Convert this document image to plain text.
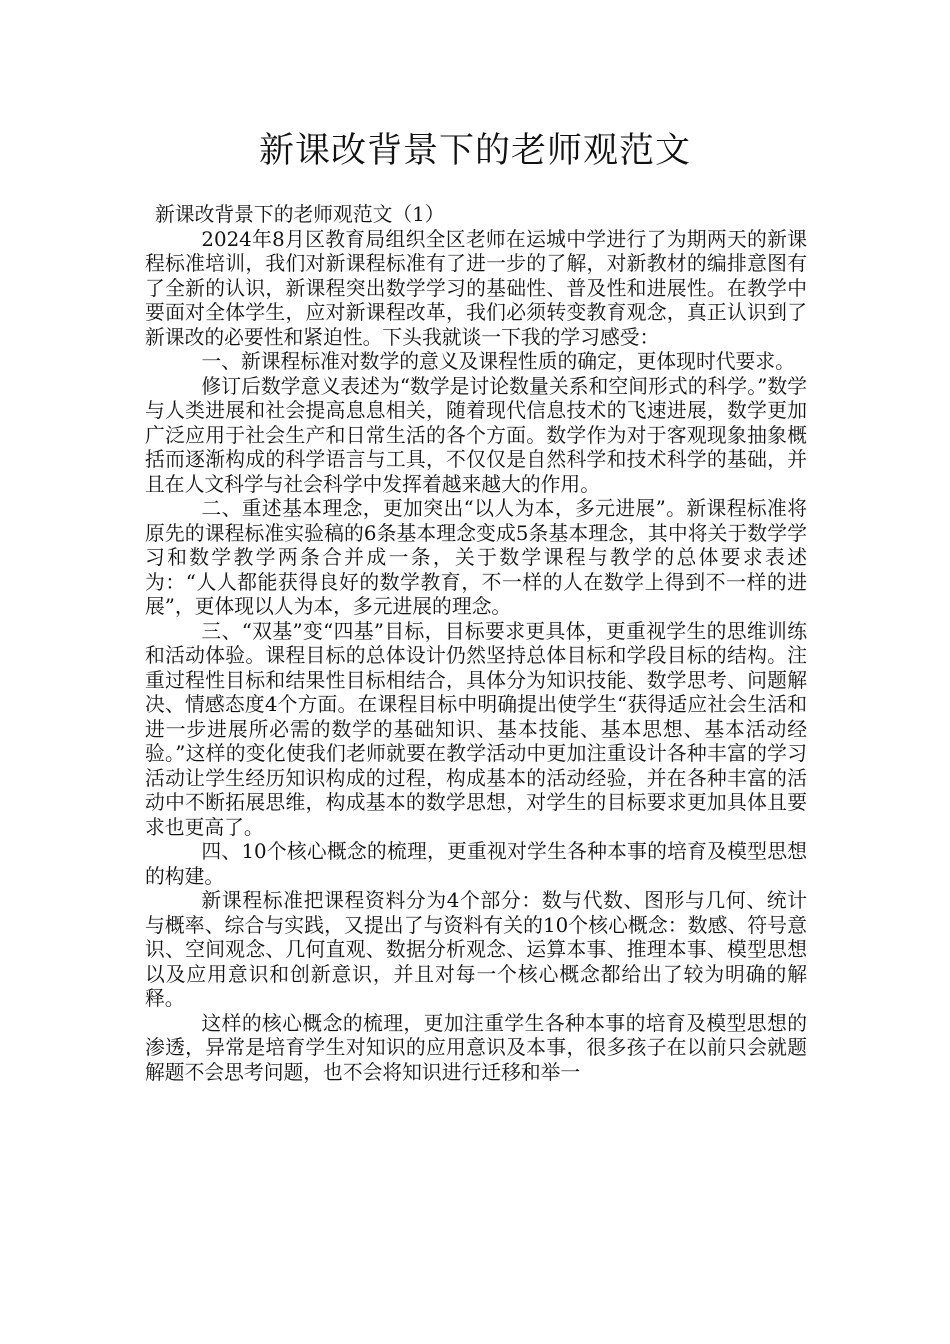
新课改背景下的老师观范文

新课改背景下的老师观范文（1）

2024年8月区教育局组织全区老师在运城中学进行了为期两天的新课程标准培训，我们对新课程标准有了进一步的了解，对新教材的编排意图有了全新的认识，新课程突出数学学习的基础性、普及性和进展性。在教学中要面对全体学生，应对新课程改革，我们必须转变教育观念，真正认识到了新课改的必要性和紧迫性。下头我就谈一下我的学习感受：

一、新课程标准对数学的意义及课程性质的确定，更体现时代要求。

修订后数学意义表述为“数学是讨论数量关系和空间形式的科学。”数学与人类进展和社会提高息息相关，随着现代信息技术的飞速进展，数学更加广泛应用于社会生产和日常生活的各个方面。数学作为对于客观现象抽象概括而逐渐构成的科学语言与工具，不仅仅是自然科学和技术科学的基础，并且在人文科学与社会科学中发挥着越来越大的作用。

二、重述基本理念，更加突出“以人为本，多元进展”。新课程标准将原先的课程标准实验稿的6条基本理念变成5条基本理念，其中将关于数学学习和数学教学两条合并成一条，关于数学课程与教学的总体要求表述为：“人人都能获得良好的数学教育，不一样的人在数学上得到不一样的进展”，更体现以人为本，多元进展的理念。

三、“双基”变“四基”目标，目标要求更具体，更重视学生的思维训练和活动体验。课程目标的总体设计仍然坚持总体目标和学段目标的结构。注重过程性目标和结果性目标相结合，具体分为知识技能、数学思考、问题解决、情感态度4个方面。在课程目标中明确提出使学生“获得适应社会生活和进一步进展所必需的数学的基础知识、基本技能、基本思想、基本活动经验。”这样的变化使我们老师就要在教学活动中更加注重设计各种丰富的学习活动让学生经历知识构成的过程，构成基本的活动经验，并在各种丰富的活动中不断拓展思维，构成基本的数学思想，对学生的目标要求更加具体且要求也更高了。

四、10个核心概念的梳理，更重视对学生各种本事的培育及模型思想的构建。

新课程标准把课程资料分为4个部分：数与代数、图形与几何、统计与概率、综合与实践，又提出了与资料有关的10个核心概念：数感、符号意识、空间观念、几何直观、数据分析观念、运算本事、推理本事、模型思想以及应用意识和创新意识，并且对每一个核心概念都给出了较为明确的解释。

这样的核心概念的梳理，更加注重学生各种本事的培育及模型思想的渗透，异常是培育学生对知识的应用意识及本事，很多孩子在以前只会就题解题不会思考问题，也不会将知识进行迁移和举一
